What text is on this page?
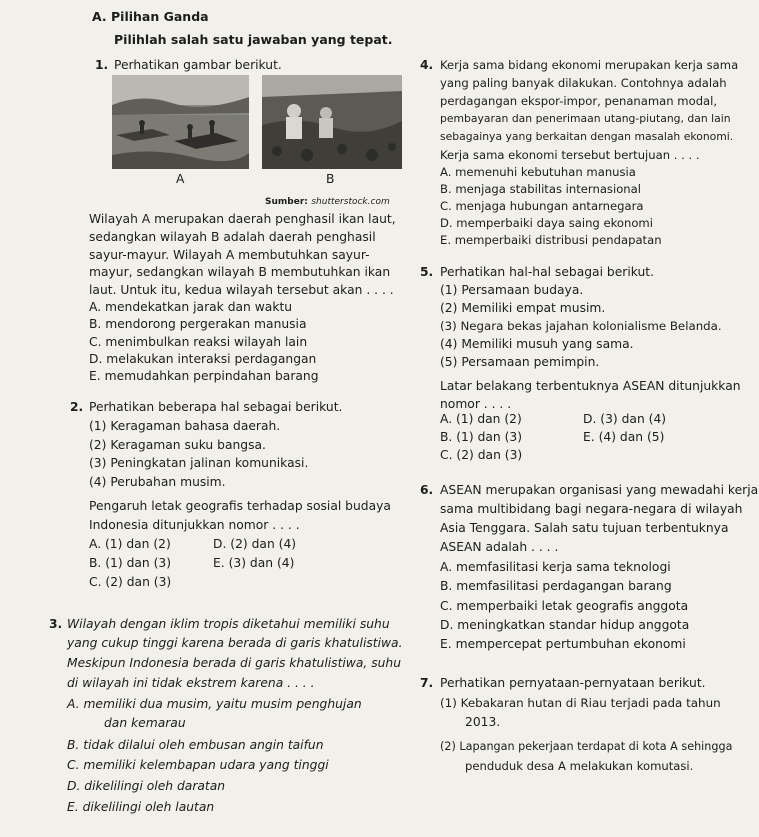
A. Pilihan Ganda
Pilihlah salah satu jawaban yang tepat.
1. Perhatikan gambar berikut.
A	B
Sumber: shutterstock.com
Wilayah A merupakan daerah penghasil ikan laut,
sedangkan wilayah B adalah daerah penghasil
sayur-mayur. Wilayah A membutuhkan sayur-
mayur, sedangkan wilayah B membutuhkan ikan
laut. Untuk itu, kedua wilayah tersebut akan . . . .
A. mendekatkan jarak dan waktu
B. mendorong pergerakan manusia
C. menimbulkan reaksi wilayah lain
D. melakukan interaksi perdagangan
E. memudahkan perpindahan barang
2. Perhatikan beberapa hal sebagai berikut.
(1) Keragaman bahasa daerah.
(2) Keragaman suku bangsa.
(3) Peningkatan jalinan komunikasi.
(4) Perubahan musim.
Pengaruh letak geografis terhadap sosial budaya
Indonesia ditunjukkan nomor . . . .
A. (1) dan (2)	D. (2) dan (4)
B. (1) dan (3)	E. (3) dan (4)
C. (2) dan (3)
3. Wilayah dengan iklim tropis diketahui memiliki suhu
yang cukup tinggi karena berada di garis khatulistiwa.
Meskipun Indonesia berada di garis khatulistiwa, suhu
di wilayah ini tidak ekstrem karena . . . .
A. memiliki dua musim, yaitu musim penghujan
dan kemarau
B. tidak dilalui oleh embusan angin taifun
C. memiliki kelembapan udara yang tinggi
D. dikelilingi oleh daratan
E. dikelilingi oleh lautan
4. Kerja sama bidang ekonomi merupakan kerja sama
yang paling banyak dilakukan. Contohnya adalah
perdagangan ekspor-impor, penanaman modal,
pembayaran dan penerimaan utang-piutang, dan lain
sebagainya yang berkaitan dengan masalah ekonomi.
Kerja sama ekonomi tersebut bertujuan . . . .
A. memenuhi kebutuhan manusia
B. menjaga stabilitas internasional
C. menjaga hubungan antarnegara
D. memperbaiki daya saing ekonomi
E. memperbaiki distribusi pendapatan
5. Perhatikan hal-hal sebagai berikut.
(1) Persamaan budaya.
(2) Memiliki empat musim.
(3) Negara bekas jajahan kolonialisme Belanda.
(4) Memiliki musuh yang sama.
(5) Persamaan pemimpin.
Latar belakang terbentuknya ASEAN ditunjukkan
nomor . . . .
A. (1) dan (2)	D. (3) dan (4)
B. (1) dan (3)	E. (4) dan (5)
C. (2) dan (3)
6. ASEAN merupakan organisasi yang mewadahi kerja
sama multibidang bagi negara-negara di wilayah
Asia Tenggara. Salah satu tujuan terbentuknya
ASEAN adalah . . . .
A. memfasilitasi kerja sama teknologi
B. memfasilitasi perdagangan barang
C. memperbaiki letak geografis anggota
D. meningkatkan standar hidup anggota
E. mempercepat pertumbuhan ekonomi
7. Perhatikan pernyataan-pernyataan berikut.
(1) Kebakaran hutan di Riau terjadi pada tahun
2013.
(2) Lapangan pekerjaan terdapat di kota A sehingga
penduduk desa A melakukan komutasi.
